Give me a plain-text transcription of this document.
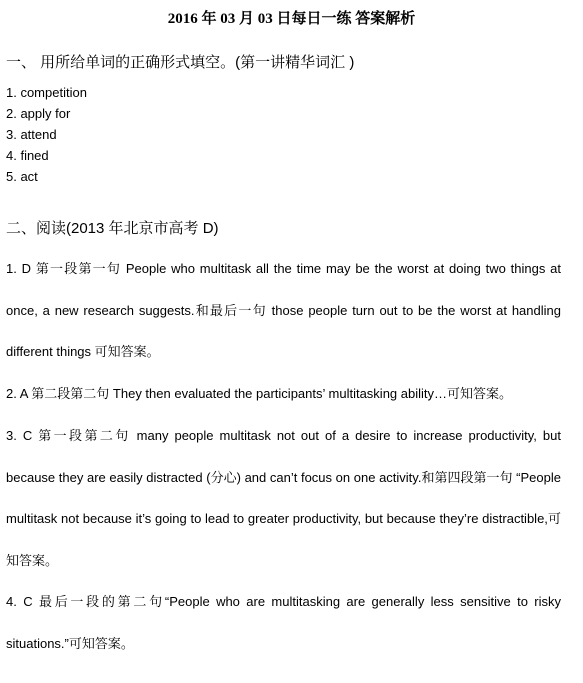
2016 年 03 月 03 日每日一练 答案解析
一、 用所给单词的正确形式填空。(第一讲精华词汇 )
1. competition
2. apply for
3. attend
4. fined
5. act
二、阅读(2013 年北京市高考 D)

1. D 第一段第一句 People who multitask all the time may be the worst at doing two things at once, a new research suggests.和最后一句 those people turn out to be the worst at handling different things 可知答案。

2. A 第二段第二句 They then evaluated the participants’ multitasking ability…可知答案。

3. C 第一段第二句 many people multitask not out of a desire to increase productivity, but because they are easily distracted (分心) and can’t focus on one activity.和第四段第一句 “People multitask not because it’s going to lead to greater productivity, but because they’re distractible,可知答案。

4. C 最后一段的第二句“People who are multitasking are generally less sensitive to risky situations.”可知答案。
